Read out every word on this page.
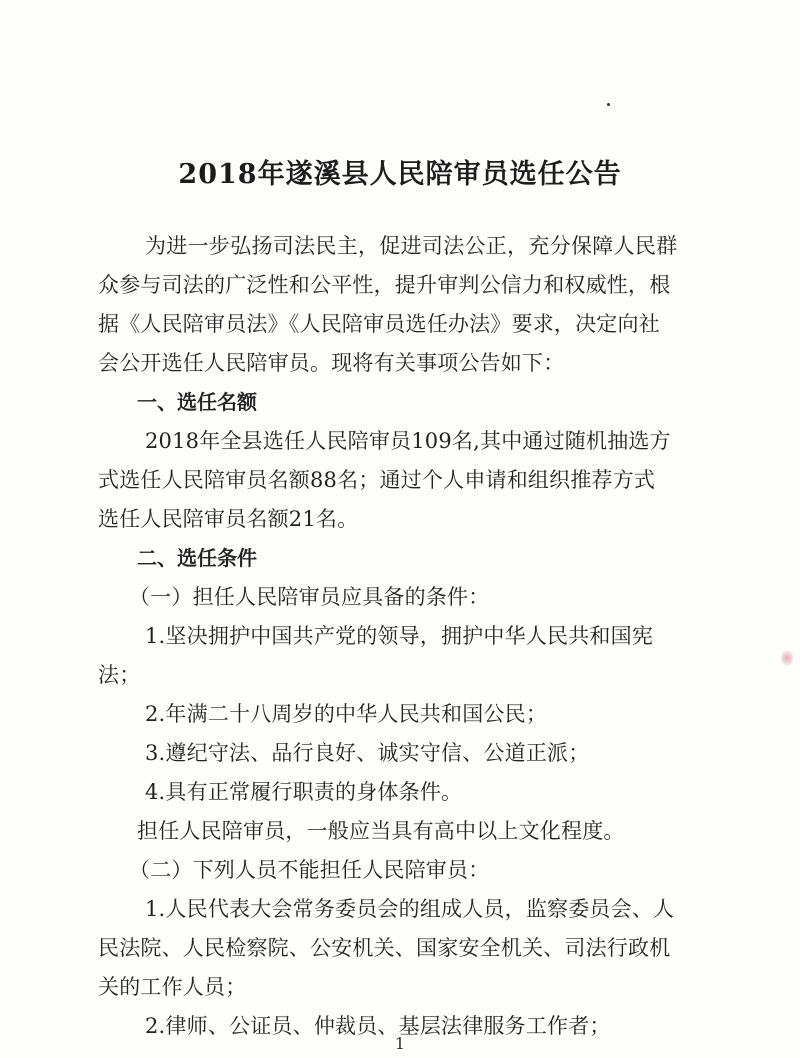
2018年遂溪县人民陪审员选任公告
为进一步弘扬司法民主，促进司法公正，充分保障人民群
众参与司法的广泛性和公平性，提升审判公信力和权威性，根
据《人民陪审员法》《人民陪审员选任办法》要求，决定向社
会公开选任人民陪审员。现将有关事项公告如下：
一、选任名额
2018年全县选任人民陪审员109名,其中通过随机抽选方
式选任人民陪审员名额88名；通过个人申请和组织推荐方式
选任人民陪审员名额21名。
二、选任条件
（一）担任人民陪审员应具备的条件：
1.坚决拥护中国共产党的领导，拥护中华人民共和国宪
法；
2.年满二十八周岁的中华人民共和国公民；
3.遵纪守法、品行良好、诚实守信、公道正派；
4.具有正常履行职责的身体条件。
担任人民陪审员，一般应当具有高中以上文化程度。
（二）下列人员不能担任人民陪审员：
1.人民代表大会常务委员会的组成人员，监察委员会、人
民法院、人民检察院、公安机关、国家安全机关、司法行政机
关的工作人员；
2.律师、公证员、仲裁员、基层法律服务工作者；
1
